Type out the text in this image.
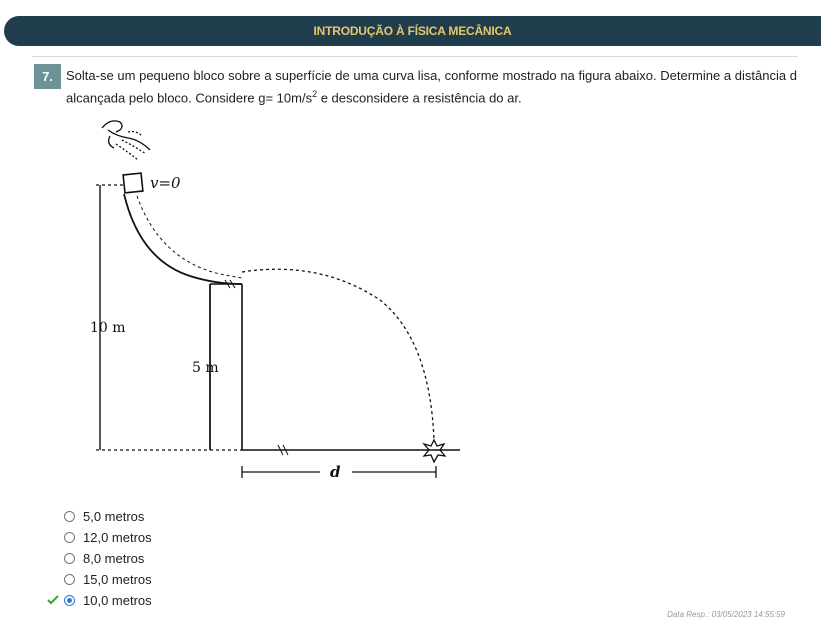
INTRODUÇÃO À FÍSICA MECÂNICA
7.	Solta-se um pequeno bloco sobre a superfície de uma curva lisa, conforme mostrado na figura abaixo. Determine a distância d alcançada pelo bloco. Considere $g= 10m/s^2$ e desconsidere a resistência do ar.
v=0
10 m
5 m
d
5,0 metros
12,0 metros
8,0 metros
15,0 metros
10,0 metros
Data Resp.: 03/05/2023 14:55:59
